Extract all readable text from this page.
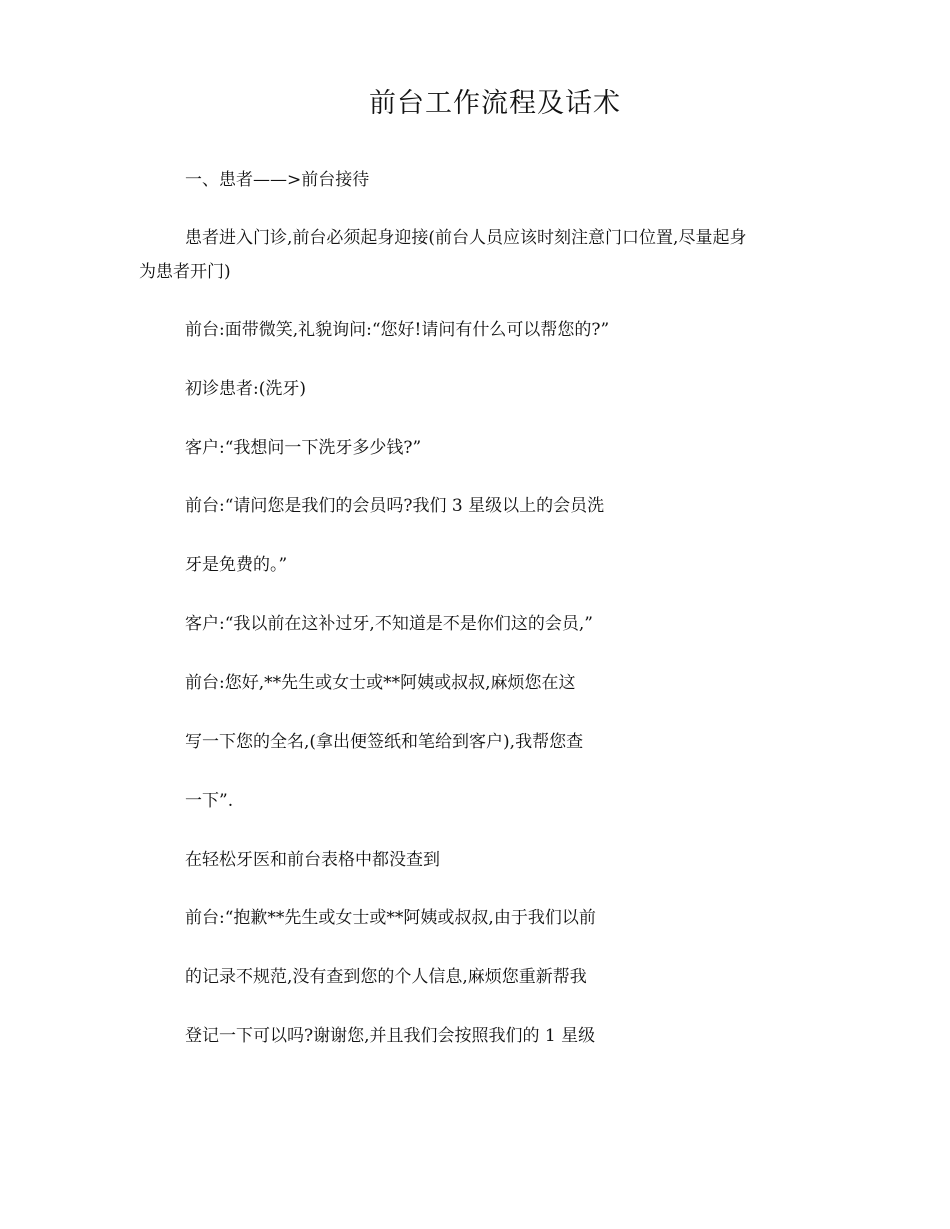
前台工作流程及话术
一、患者——>前台接待
患者进入门诊,前台必须起身迎接(前台人员应该时刻注意门口位置,尽量起身
为患者开门)
前台:面带微笑,礼貌询问:“您好!请问有什么可以帮您的?”
初诊患者:(洗牙)
客户:“我想问一下洗牙多少钱?”
前台:“请问您是我们的会员吗?我们 3 星级以上的会员洗
牙是免费的。”
客户:“我以前在这补过牙,不知道是不是你们这的会员,”
前台:您好,**先生或女士或**阿姨或叔叔,麻烦您在这
写一下您的全名,(拿出便签纸和笔给到客户),我帮您查
一下”.
在轻松牙医和前台表格中都没查到
前台:“抱歉**先生或女士或**阿姨或叔叔,由于我们以前
的记录不规范,没有查到您的个人信息,麻烦您重新帮我
登记一下可以吗?谢谢您,并且我们会按照我们的 1 星级
